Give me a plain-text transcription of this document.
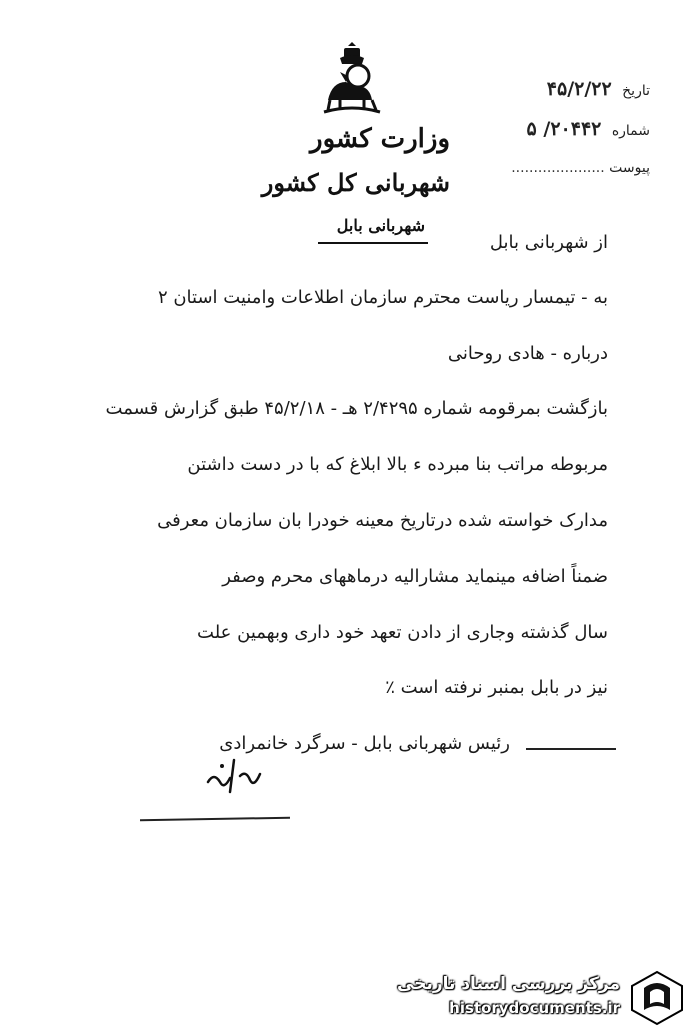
تاریخ ۴۵/۲/۲۲
شماره ۲۰۴۴۲/ ۵
پیوست .....................
وزارت کشور
شهربانی کل کشور
شهربانی بابل
از شهربانی بابل
به - تیمسار ریاست محترم سازمان اطلاعات وامنیت استان ۲
درباره - هادی روحانی
بازگشت بمرقومه شماره ۲/۴۲۹۵ هـ - ۴۵/۲/۱۸ طبق گزارش قسمت
مربوطه مراتب بنا مبرده ء بالا ابلاغ که با در دست داشتن
مدارک خواسته شده درتاریخ معینه خودرا بان سازمان معرفی
ضمناً اضافه مینماید مشارالیه درماههای محرم وصفر
سال گذشته وجاری از دادن تعهد خود داری وبهمین علت
نیز در بابل بمنبر نرفته است ٪
رئیس شهربانی بابل - سرگرد خانمرادی
مرکز بررسی اسناد تاریخی
historydocuments.ir
